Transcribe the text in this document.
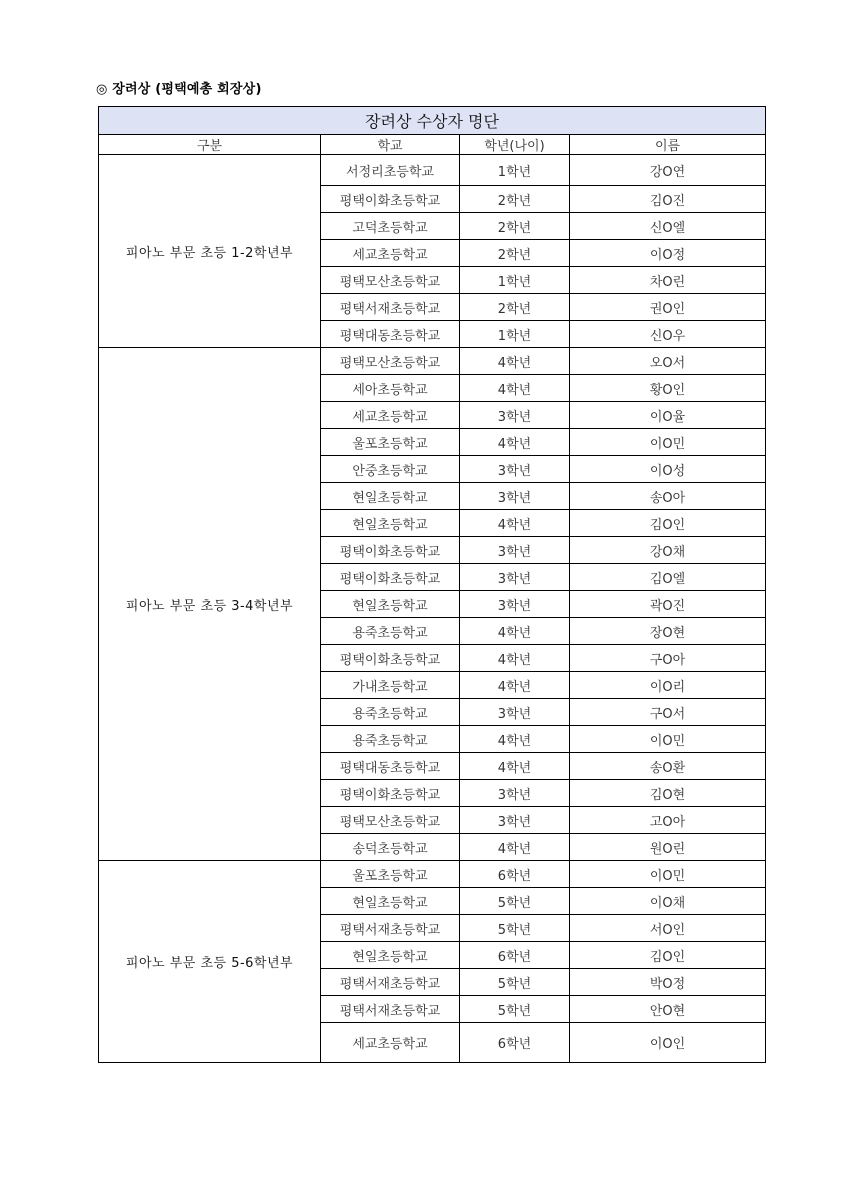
◎ 장려상 (평택예총 회장상)
장려상 수상자 명단			
구분	학교	학년(나이)	이름
피아노 부문 초등 1-2학년부	서정리초등학교	1학년	강O연
	평택이화초등학교	2학년	김O진
	고덕초등학교	2학년	신O엘
	세교초등학교	2학년	이O정
	평택모산초등학교	1학년	차O린
	평택서재초등학교	2학년	권O인
	평택대동초등학교	1학년	신O우
피아노 부문 초등 3-4학년부	평택모산초등학교	4학년	오O서
	세아초등학교	4학년	황O인
	세교초등학교	3학년	이O율
	울포초등학교	4학년	이O민
	안중초등학교	3학년	이O성
	현일초등학교	3학년	송O아
	현일초등학교	4학년	김O인
	평택이화초등학교	3학년	강O채
	평택이화초등학교	3학년	김O엘
	현일초등학교	3학년	곽O진
	용죽초등학교	4학년	장O현
	평택이화초등학교	4학년	구O아
	가내초등학교	4학년	이O리
	용죽초등학교	3학년	구O서
	용죽초등학교	4학년	이O민
	평택대동초등학교	4학년	송O환
	평택이화초등학교	3학년	김O현
	평택모산초등학교	3학년	고O아
	송덕초등학교	4학년	원O린
피아노 부문 초등 5-6학년부	울포초등학교	6학년	이O민
	현일초등학교	5학년	이O채
	평택서재초등학교	5학년	서O인
	현일초등학교	6학년	김O인
	평택서재초등학교	5학년	박O정
	평택서재초등학교	5학년	안O현
	세교초등학교	6학년	이O인
